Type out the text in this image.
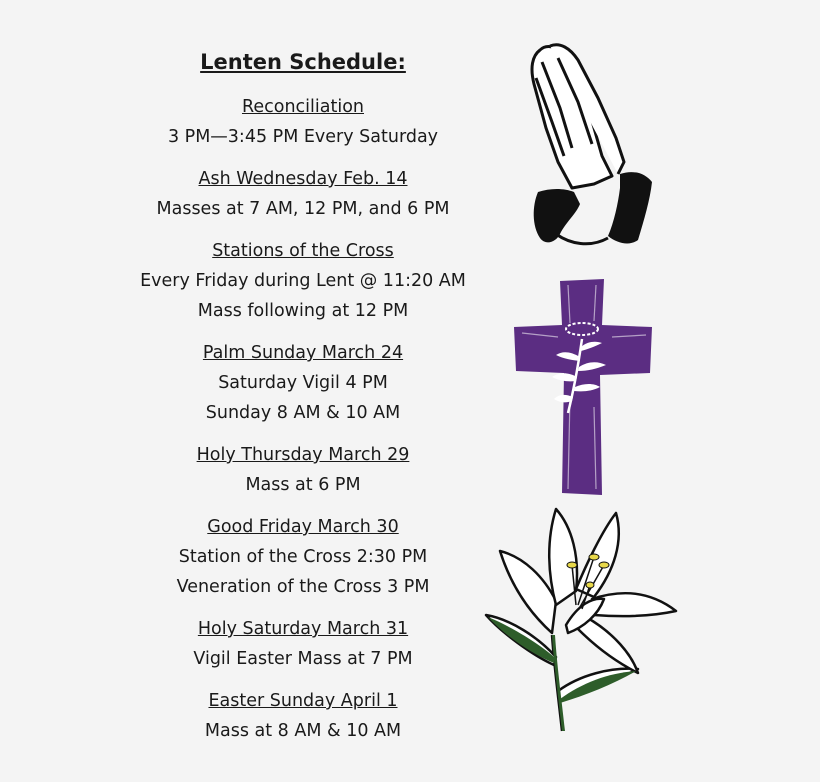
Lenten Schedule:
Reconciliation
3 PM—3:45 PM Every Saturday
Ash Wednesday Feb. 14
Masses at 7 AM, 12 PM, and 6 PM
Stations of the Cross
Every Friday during Lent @ 11:20 AM
Mass following at 12 PM
Palm Sunday March 24
Saturday Vigil 4 PM
Sunday 8 AM & 10 AM
Holy Thursday March 29
Mass at 6 PM
Good Friday March 30
Station of the Cross 2:30 PM
Veneration of the Cross 3 PM
Holy Saturday March 31
Vigil Easter Mass at 7 PM
Easter Sunday April 1
Mass at 8 AM & 10 AM
